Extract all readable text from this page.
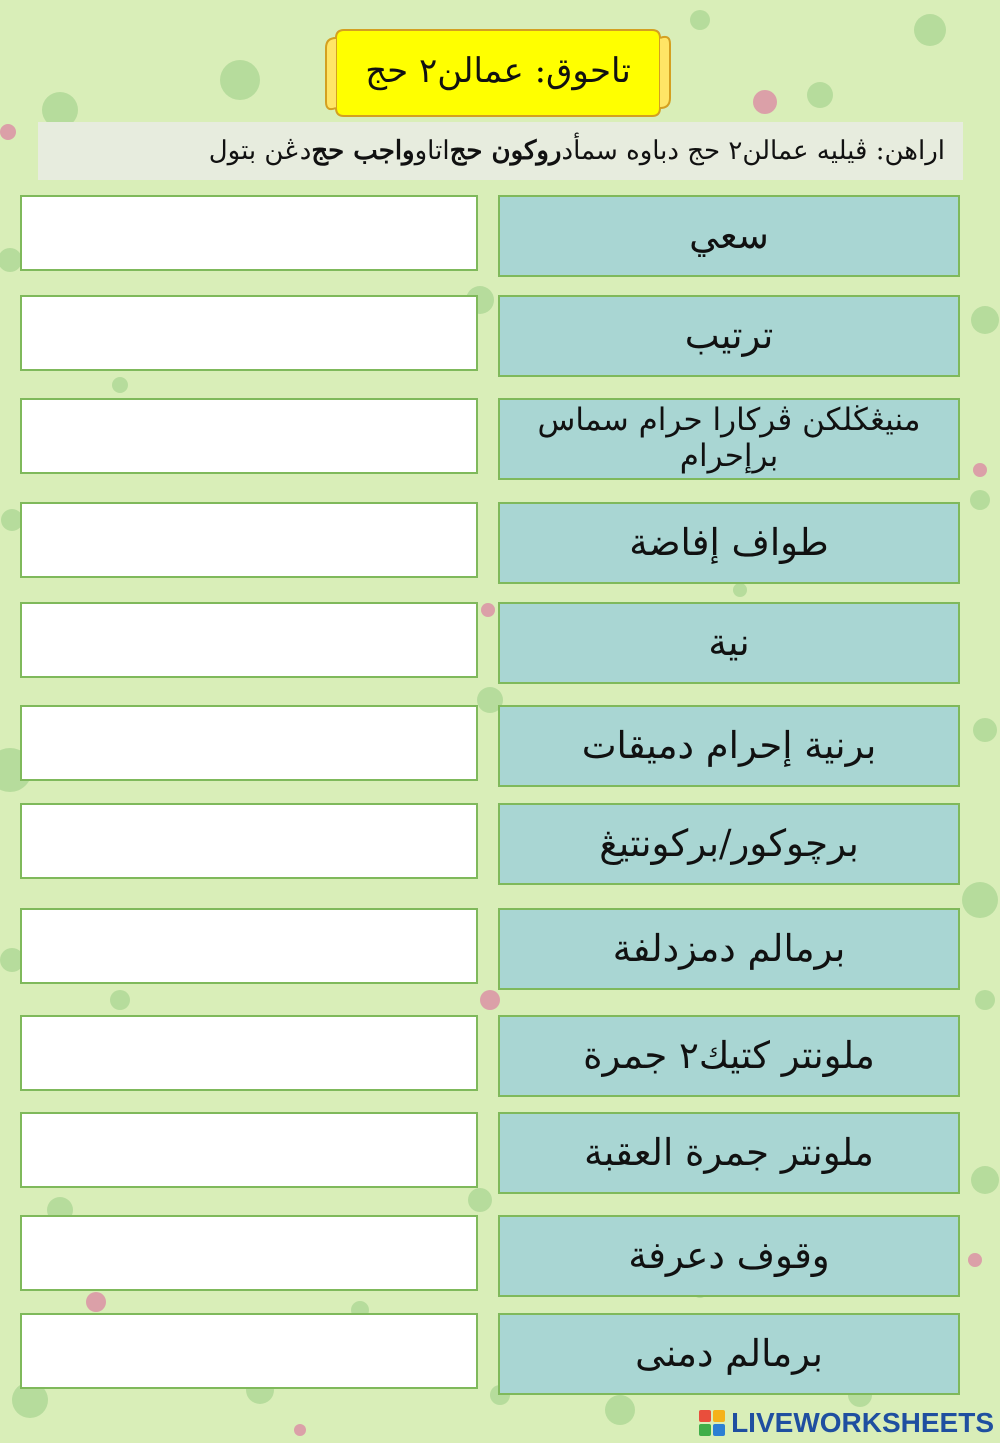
تاحوق: عمالن٢ حج
اراهن: ڤيليه عمالن٢ حج دباوه سمأد
روكون حج
اتاو
واجب حج
دڠن بتول
سعي
ترتيب
منيڠڬلکن ڤركارا حرام سماس برإحرام
طواف إفاضة
نية
برنية إحرام دميقات
برچوكور/برکونتيڠ
برمالم دمزدلفة
ملونتر كتيك٢ جمرة
ملونتر جمرة العقبة
وقوف دعرفة
برمالم دمنى
LIVEWORKSHEETS
